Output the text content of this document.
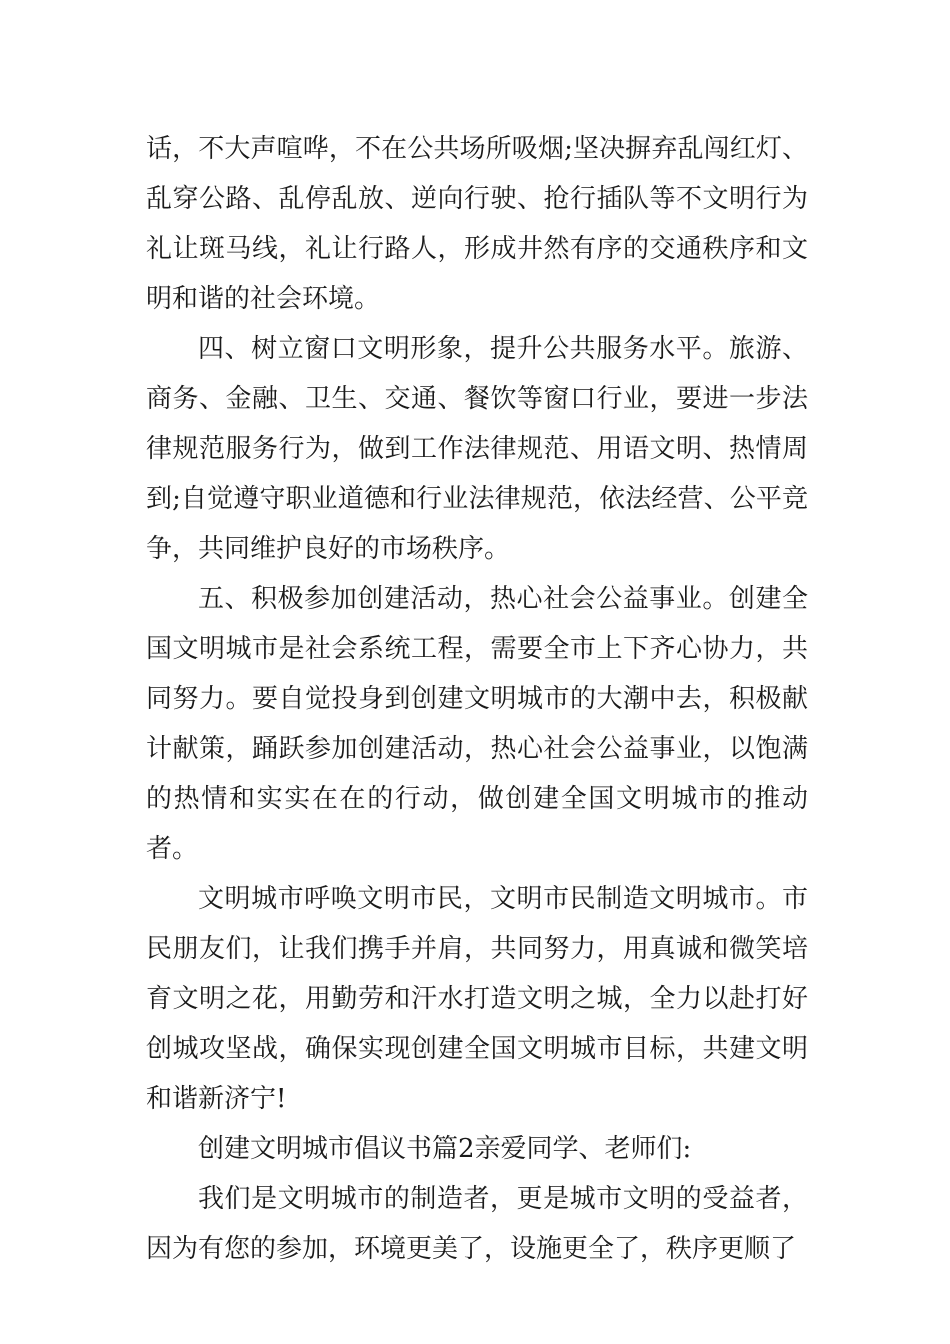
话，不大声喧哗，不在公共场所吸烟;坚决摒弃乱闯红灯、乱穿公路、乱停乱放、逆向行驶、抢行插队等不文明行为礼让斑马线，礼让行路人，形成井然有序的交通秩序和文明和谐的社会环境。

四、树立窗口文明形象，提升公共服务水平。旅游、商务、金融、卫生、交通、餐饮等窗口行业，要进一步法律规范服务行为，做到工作法律规范、用语文明、热情周到;自觉遵守职业道德和行业法律规范，依法经营、公平竞争，共同维护良好的市场秩序。

五、积极参加创建活动，热心社会公益事业。创建全国文明城市是社会系统工程，需要全市上下齐心协力，共同努力。要自觉投身到创建文明城市的大潮中去，积极献计献策，踊跃参加创建活动，热心社会公益事业，以饱满的热情和实实在在的行动，做创建全国文明城市的推动者。

文明城市呼唤文明市民，文明市民制造文明城市。市民朋友们，让我们携手并肩，共同努力，用真诚和微笑培育文明之花，用勤劳和汗水打造文明之城，全力以赴打好创城攻坚战，确保实现创建全国文明城市目标，共建文明和谐新济宁!

创建文明城市倡议书篇2亲爱同学、老师们:

我们是文明城市的制造者，更是城市文明的受益者，因为有您的参加，环境更美了，设施更全了，秩序更顺了
